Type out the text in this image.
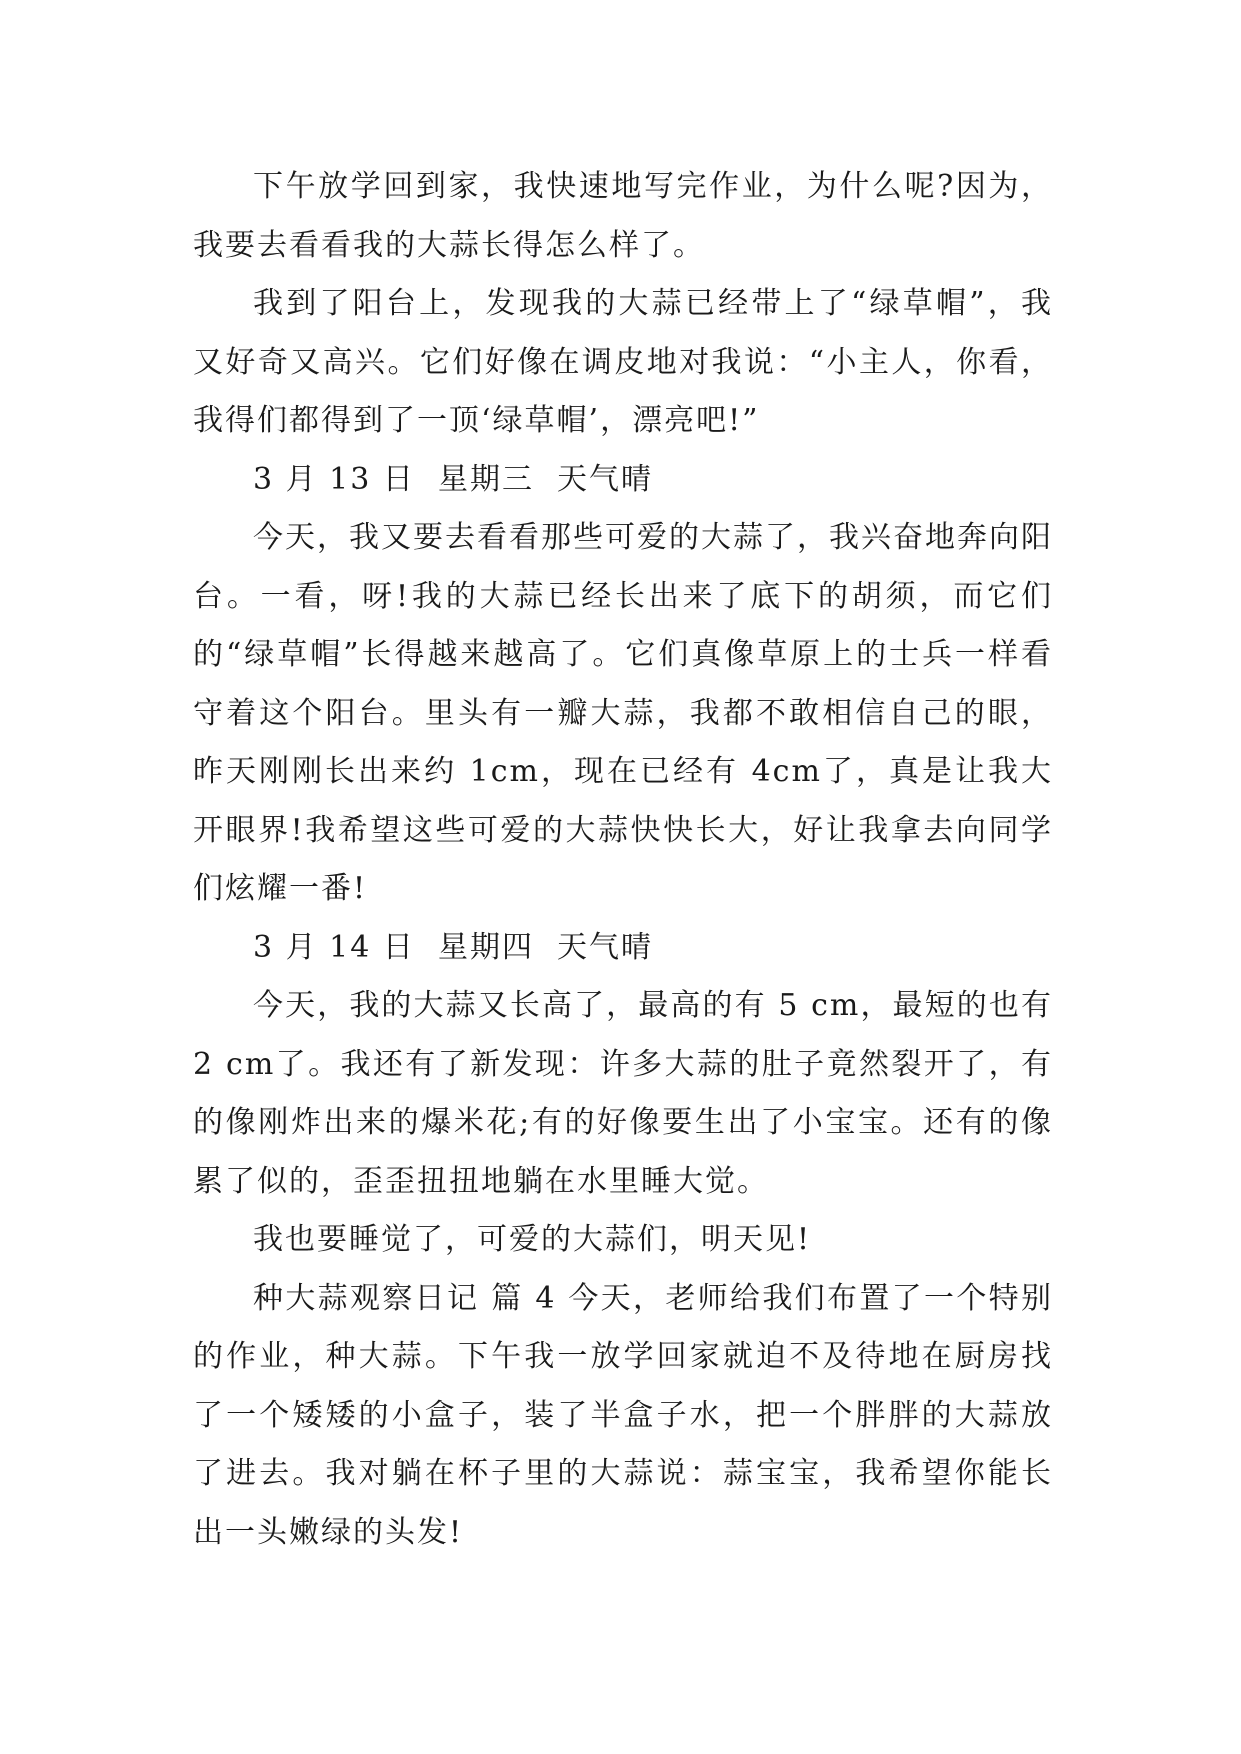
下午放学回到家，我快速地写完作业，为什么呢?因为，我要去看看我的大蒜长得怎么样了。

我到了阳台上，发现我的大蒜已经带上了“绿草帽”，我又好奇又高兴。它们好像在调皮地对我说：“小主人，你看，我得们都得到了一顶‘绿草帽’，漂亮吧!”

3 月 13 日  星期三  天气晴

今天，我又要去看看那些可爱的大蒜了，我兴奋地奔向阳台。一看，呀!我的大蒜已经长出来了底下的胡须，而它们的“绿草帽”长得越来越高了。它们真像草原上的士兵一样看守着这个阳台。里头有一瓣大蒜，我都不敢相信自己的眼，昨天刚刚长出来约 1cm，现在已经有 4cm了，真是让我大开眼界!我希望这些可爱的大蒜快快长大，好让我拿去向同学们炫耀一番!

3 月 14 日  星期四  天气晴

今天，我的大蒜又长高了，最高的有 5 cm，最短的也有 2 cm了。我还有了新发现：许多大蒜的肚子竟然裂开了，有的像刚炸出来的爆米花;有的好像要生出了小宝宝。还有的像累了似的，歪歪扭扭地躺在水里睡大觉。

我也要睡觉了，可爱的大蒜们，明天见!

种大蒜观察日记 篇 4 今天，老师给我们布置了一个特别的作业，种大蒜。下午我一放学回家就迫不及待地在厨房找了一个矮矮的小盒子，装了半盒子水，把一个胖胖的大蒜放了进去。我对躺在杯子里的大蒜说：蒜宝宝，我希望你能长出一头嫩绿的头发!
